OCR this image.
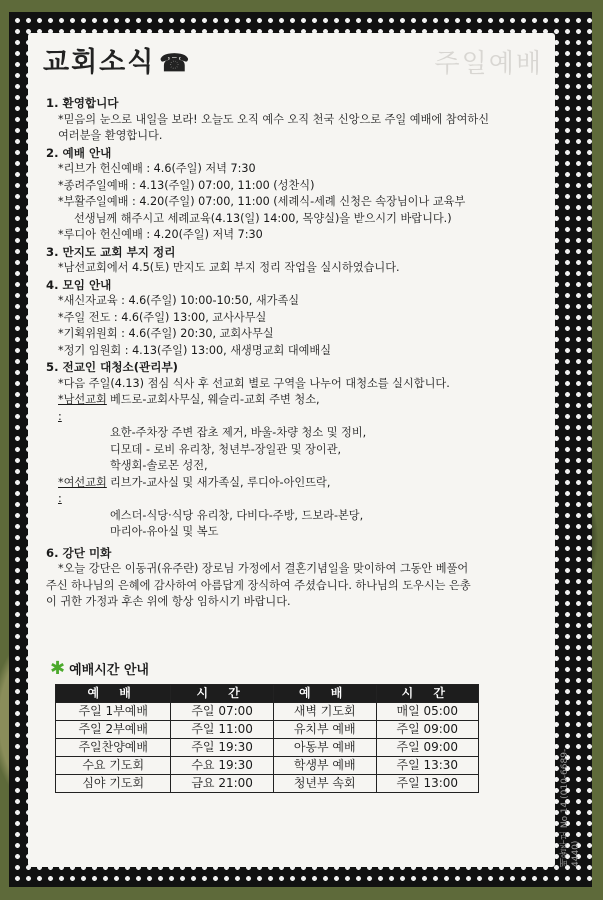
주일예배
배율주보 No.14 (010-6689-4440)
교회소식 ☎
1. 환영합니다
*믿음의 눈으로 내일을 보라! 오늘도 오직 예수 오직 천국 신앙으로 주일 예배에 참여하신
여러분을 환영합니다.
2. 예배 안내
*리브가 헌신예배 : 4.6(주일) 저녁 7:30
*종려주일예배 : 4.13(주일) 07:00, 11:00 (성찬식)
*부활주일예배 : 4.20(주일) 07:00, 11:00 (세례식-세례 신청은 속장님이나 교육부
선생님께 해주시고 세례교육(4.13(일) 14:00, 목양실)을 받으시기 바랍니다.)
*루디아 헌신예배 : 4.20(주일) 저녁 7:30
3. 만지도 교회 부지 정리
*남선교회에서 4.5(토) 만지도 교회 부지 정리 작업을 실시하였습니다.
4. 모임 안내
*새신자교육 : 4.6(주일) 10:00-10:50, 새가족실
*주일 전도 : 4.6(주일) 13:00, 교사사무실
*기획위원회 : 4.6(주일) 20:30, 교회사무실
*정기 임원회 : 4.13(주일) 13:00, 새생명교회 대예배실
5. 전교인 대청소(관리부)
*다음 주일(4.13) 점심 식사 후 선교회 별로 구역을 나누어 대청소를 실시합니다.
*남선교회 :
베드로-교회사무실, 웨슬리-교회 주변 청소,
요한-주차장 주변 잡초 제거, 바울-차량 청소 및 정비,
디모데 - 로비 유리창, 청년부-장일관 및 장이관,
학생회-솔로몬 성전,
*여선교회 :
리브가-교사실 및 새가족실, 루디아-아인뜨락,
에스더-식당·식당 유리창, 다비다-주방, 드보라-본당,
마리아-유아실 및 복도
6. 강단 미화
*오늘 강단은 이동귀(유주란) 장로님 가정에서 결혼기념일을 맞이하여 그동안 베풀어
주신 하나님의 은혜에 감사하여 아름답게 장식하여 주셨습니다. 하나님의 도우시는 은총
이 귀한 가정과 후손 위에 항상 임하시기 바랍니다.
✱ 예배시간 안내
예 배	시 간	예 배	시 간
주일 1부예배	주일 07:00	새벽 기도회	매일 05:00
주일 2부예배	주일 11:00	유치부 예배	주일 09:00
주일찬양예배	주일 19:30	아동부 예배	주일 09:00
수요 기도회	수요 19:30	학생부 예배	주일 13:30
심야 기도회	금요 21:00	청년부 속회	주일 13:00
